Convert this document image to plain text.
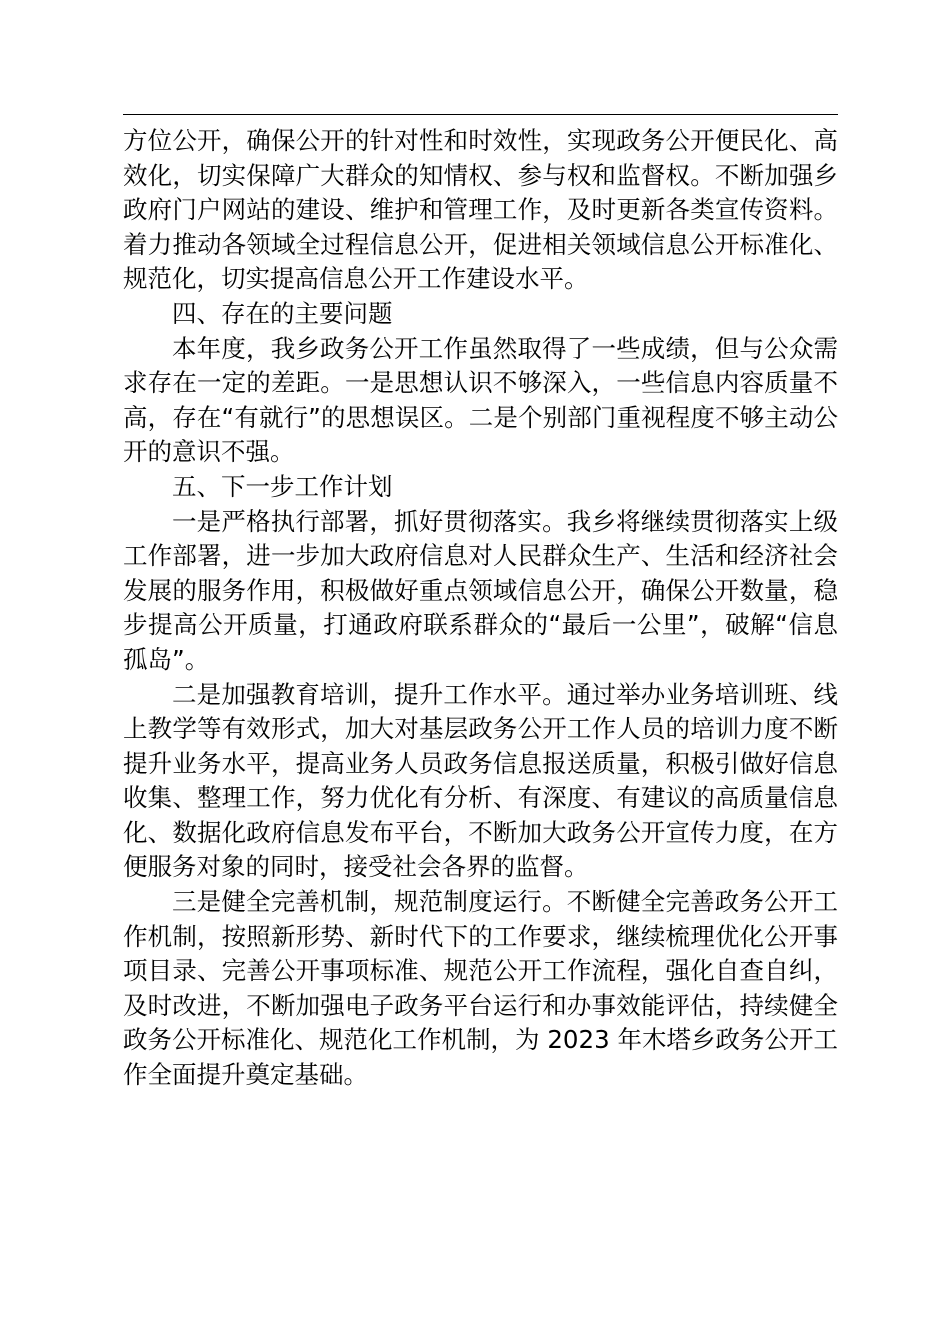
方位公开，确保公开的针对性和时效性，实现政务公开便民化、高效化，切实保障广大群众的知情权、参与权和监督权。不断加强乡政府门户网站的建设、维护和管理工作，及时更新各类宣传资料。着力推动各领域全过程信息公开，促进相关领域信息公开标准化、规范化，切实提高信息公开工作建设水平。

四、存在的主要问题

本年度，我乡政务公开工作虽然取得了一些成绩，但与公众需求存在一定的差距。一是思想认识不够深入，一些信息内容质量不高，存在“有就行”的思想误区。二是个别部门重视程度不够主动公开的意识不强。

五、下一步工作计划

一是严格执行部署，抓好贯彻落实。我乡将继续贯彻落实上级工作部署，进一步加大政府信息对人民群众生产、生活和经济社会发展的服务作用，积极做好重点领域信息公开，确保公开数量，稳步提高公开质量，打通政府联系群众的“最后一公里”，破解“信息孤岛”。

二是加强教育培训，提升工作水平。通过举办业务培训班、线上教学等有效形式，加大对基层政务公开工作人员的培训力度不断提升业务水平，提高业务人员政务信息报送质量，积极引做好信息收集、整理工作，努力优化有分析、有深度、有建议的高质量信息化、数据化政府信息发布平台，不断加大政务公开宣传力度，在方便服务对象的同时，接受社会各界的监督。

三是健全完善机制，规范制度运行。不断健全完善政务公开工作机制，按照新形势、新时代下的工作要求，继续梳理优化公开事项目录、完善公开事项标准、规范公开工作流程，强化自查自纠，及时改进，不断加强电子政务平台运行和办事效能评估，持续健全政务公开标准化、规范化工作机制，为 2023 年木塔乡政务公开工作全面提升奠定基础。
